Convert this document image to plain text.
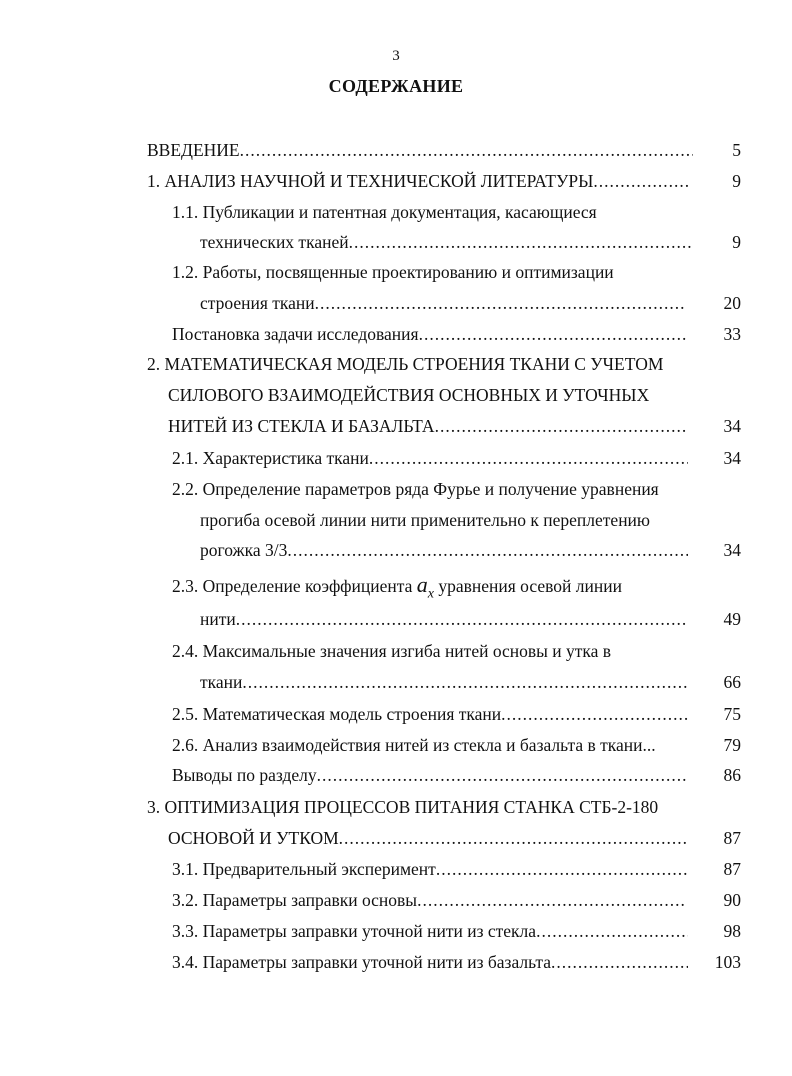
3
СОДЕРЖАНИЕ
ВВЕДЕНИЕ .....	5
1. АНАЛИЗ НАУЧНОЙ И ТЕХНИЧЕСКОЙ ЛИТЕРАТУРЫ .....	9
1.1. Публикации и патентная документация, касающиеся
технических тканей .....	9
1.2. Работы, посвященные проектированию и оптимизации
строения ткани .....	20
Постановка задачи исследования .....	33
2. МАТЕМАТИЧЕСКАЯ МОДЕЛЬ СТРОЕНИЯ ТКАНИ С УЧЕТОМ
СИЛОВОГО ВЗАИМОДЕЙСТВИЯ ОСНОВНЫХ И УТОЧНЫХ
НИТЕЙ ИЗ СТЕКЛА И БАЗАЛЬТА .....	34
2.1. Характеристика ткани .....	34
2.2. Определение параметров ряда Фурье и получение уравнения
прогиба осевой линии нити применительно к переплетению
рогожка 3/3 .....	34
2.3. Определение коэффициента $a_x$ уравнения осевой линии
нити .....	49
2.4. Максимальные значения изгиба нитей основы и утка в
ткани .....	66
2.5. Математическая модель строения ткани .....	75
2.6. Анализ взаимодействия нитей из стекла и базальта в ткани...	79
Выводы по разделу .....	86
3. ОПТИМИЗАЦИЯ ПРОЦЕССОВ ПИТАНИЯ СТАНКА СТБ-2-180
ОСНОВОЙ И УТКОМ .....	87
3.1. Предварительный эксперимент .....	87
3.2. Параметры заправки основы .....	90
3.3. Параметры заправки уточной нити из стекла .....	98
3.4. Параметры заправки уточной нити из базальта .....	103
